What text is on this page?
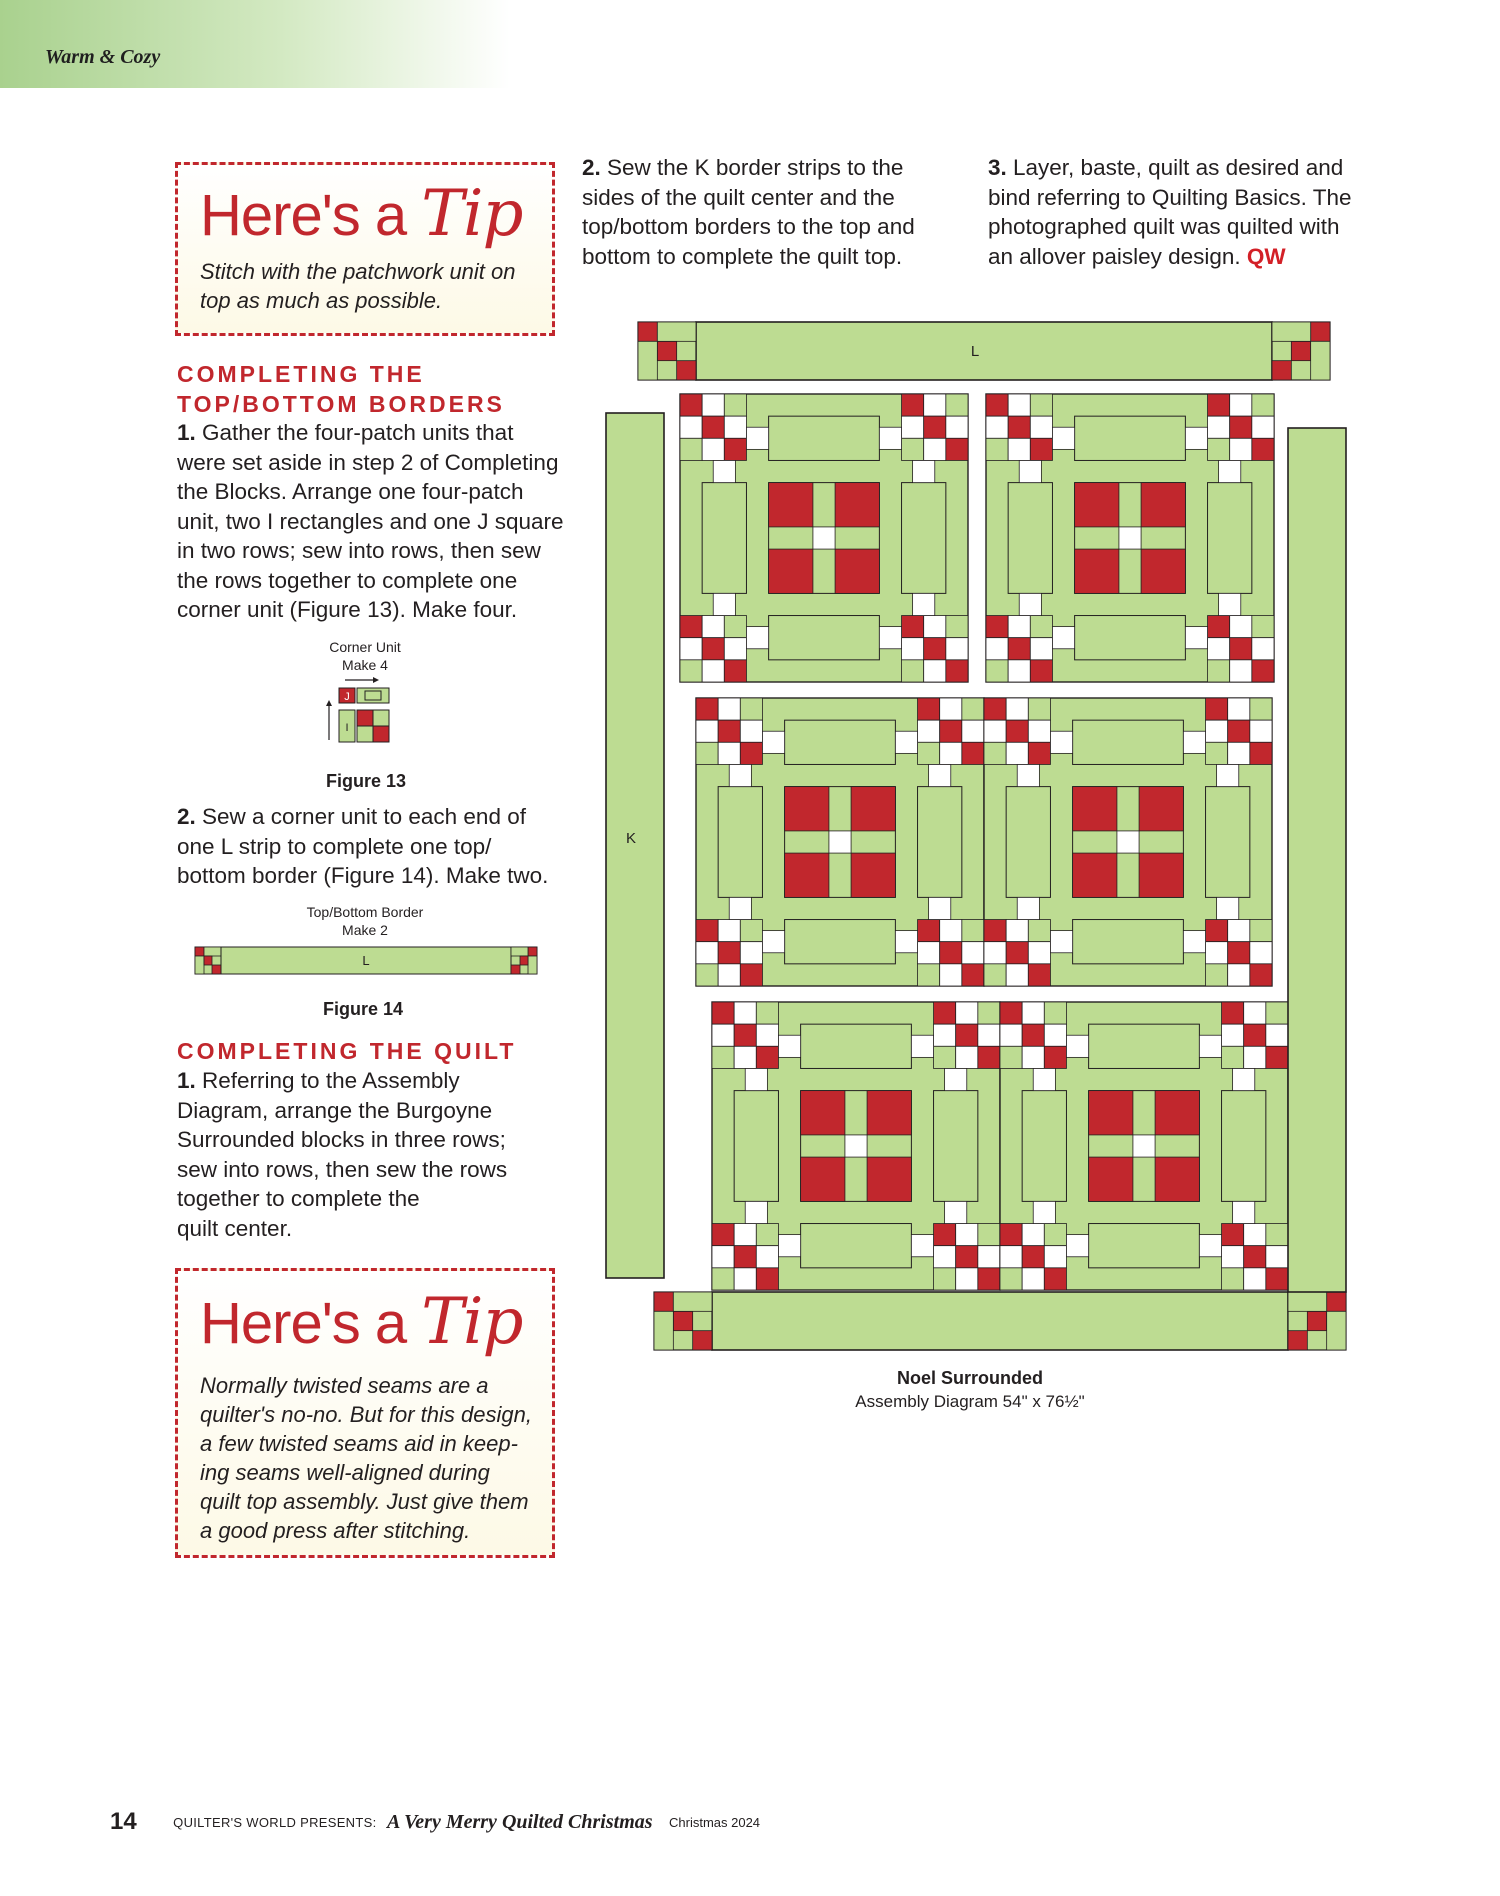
Warm & Cozy
Here's a Tip
Stitch with the patchwork unit on
top as much as possible.
COMPLETING THE
TOP/BOTTOM BORDERS
1. Gather the four-patch units that
were set aside in step 2 of Completing
the Blocks. Arrange one four-patch
unit, two I rectangles and one J square
in two rows; sew into rows, then sew
the rows together to complete one
corner unit (Figure 13). Make four.
Corner Unit
Make 4
J
I
Figure 13
2. Sew a corner unit to each end of
one L strip to complete one top/
bottom border (Figure 14). Make two.
Top/Bottom Border
Make 2
L
Figure 14
COMPLETING THE QUILT
1. Referring to the Assembly
Diagram, arrange the Burgoyne
Surrounded blocks in three rows;
sew into rows, then sew the rows
together to complete the
quilt center.
Here's a Tip
Normally twisted seams are a
quilter's no-no. But for this design,
a few twisted seams aid in keep-
ing seams well-aligned during
quilt top assembly. Just give them
a good press after stitching.
2. Sew the K border strips to the
sides of the quilt center and the
top/bottom borders to the top and
bottom to complete the quilt top.
3. Layer, baste, quilt as desired and
bind referring to Quilting Basics. The
photographed quilt was quilted with
an allover paisley design. QW
L
K
Noel Surrounded
Assembly Diagram 54" x 76½"
14	QUILTER'S WORLD PRESENTS: A Very Merry Quilted Christmas Christmas 2024
